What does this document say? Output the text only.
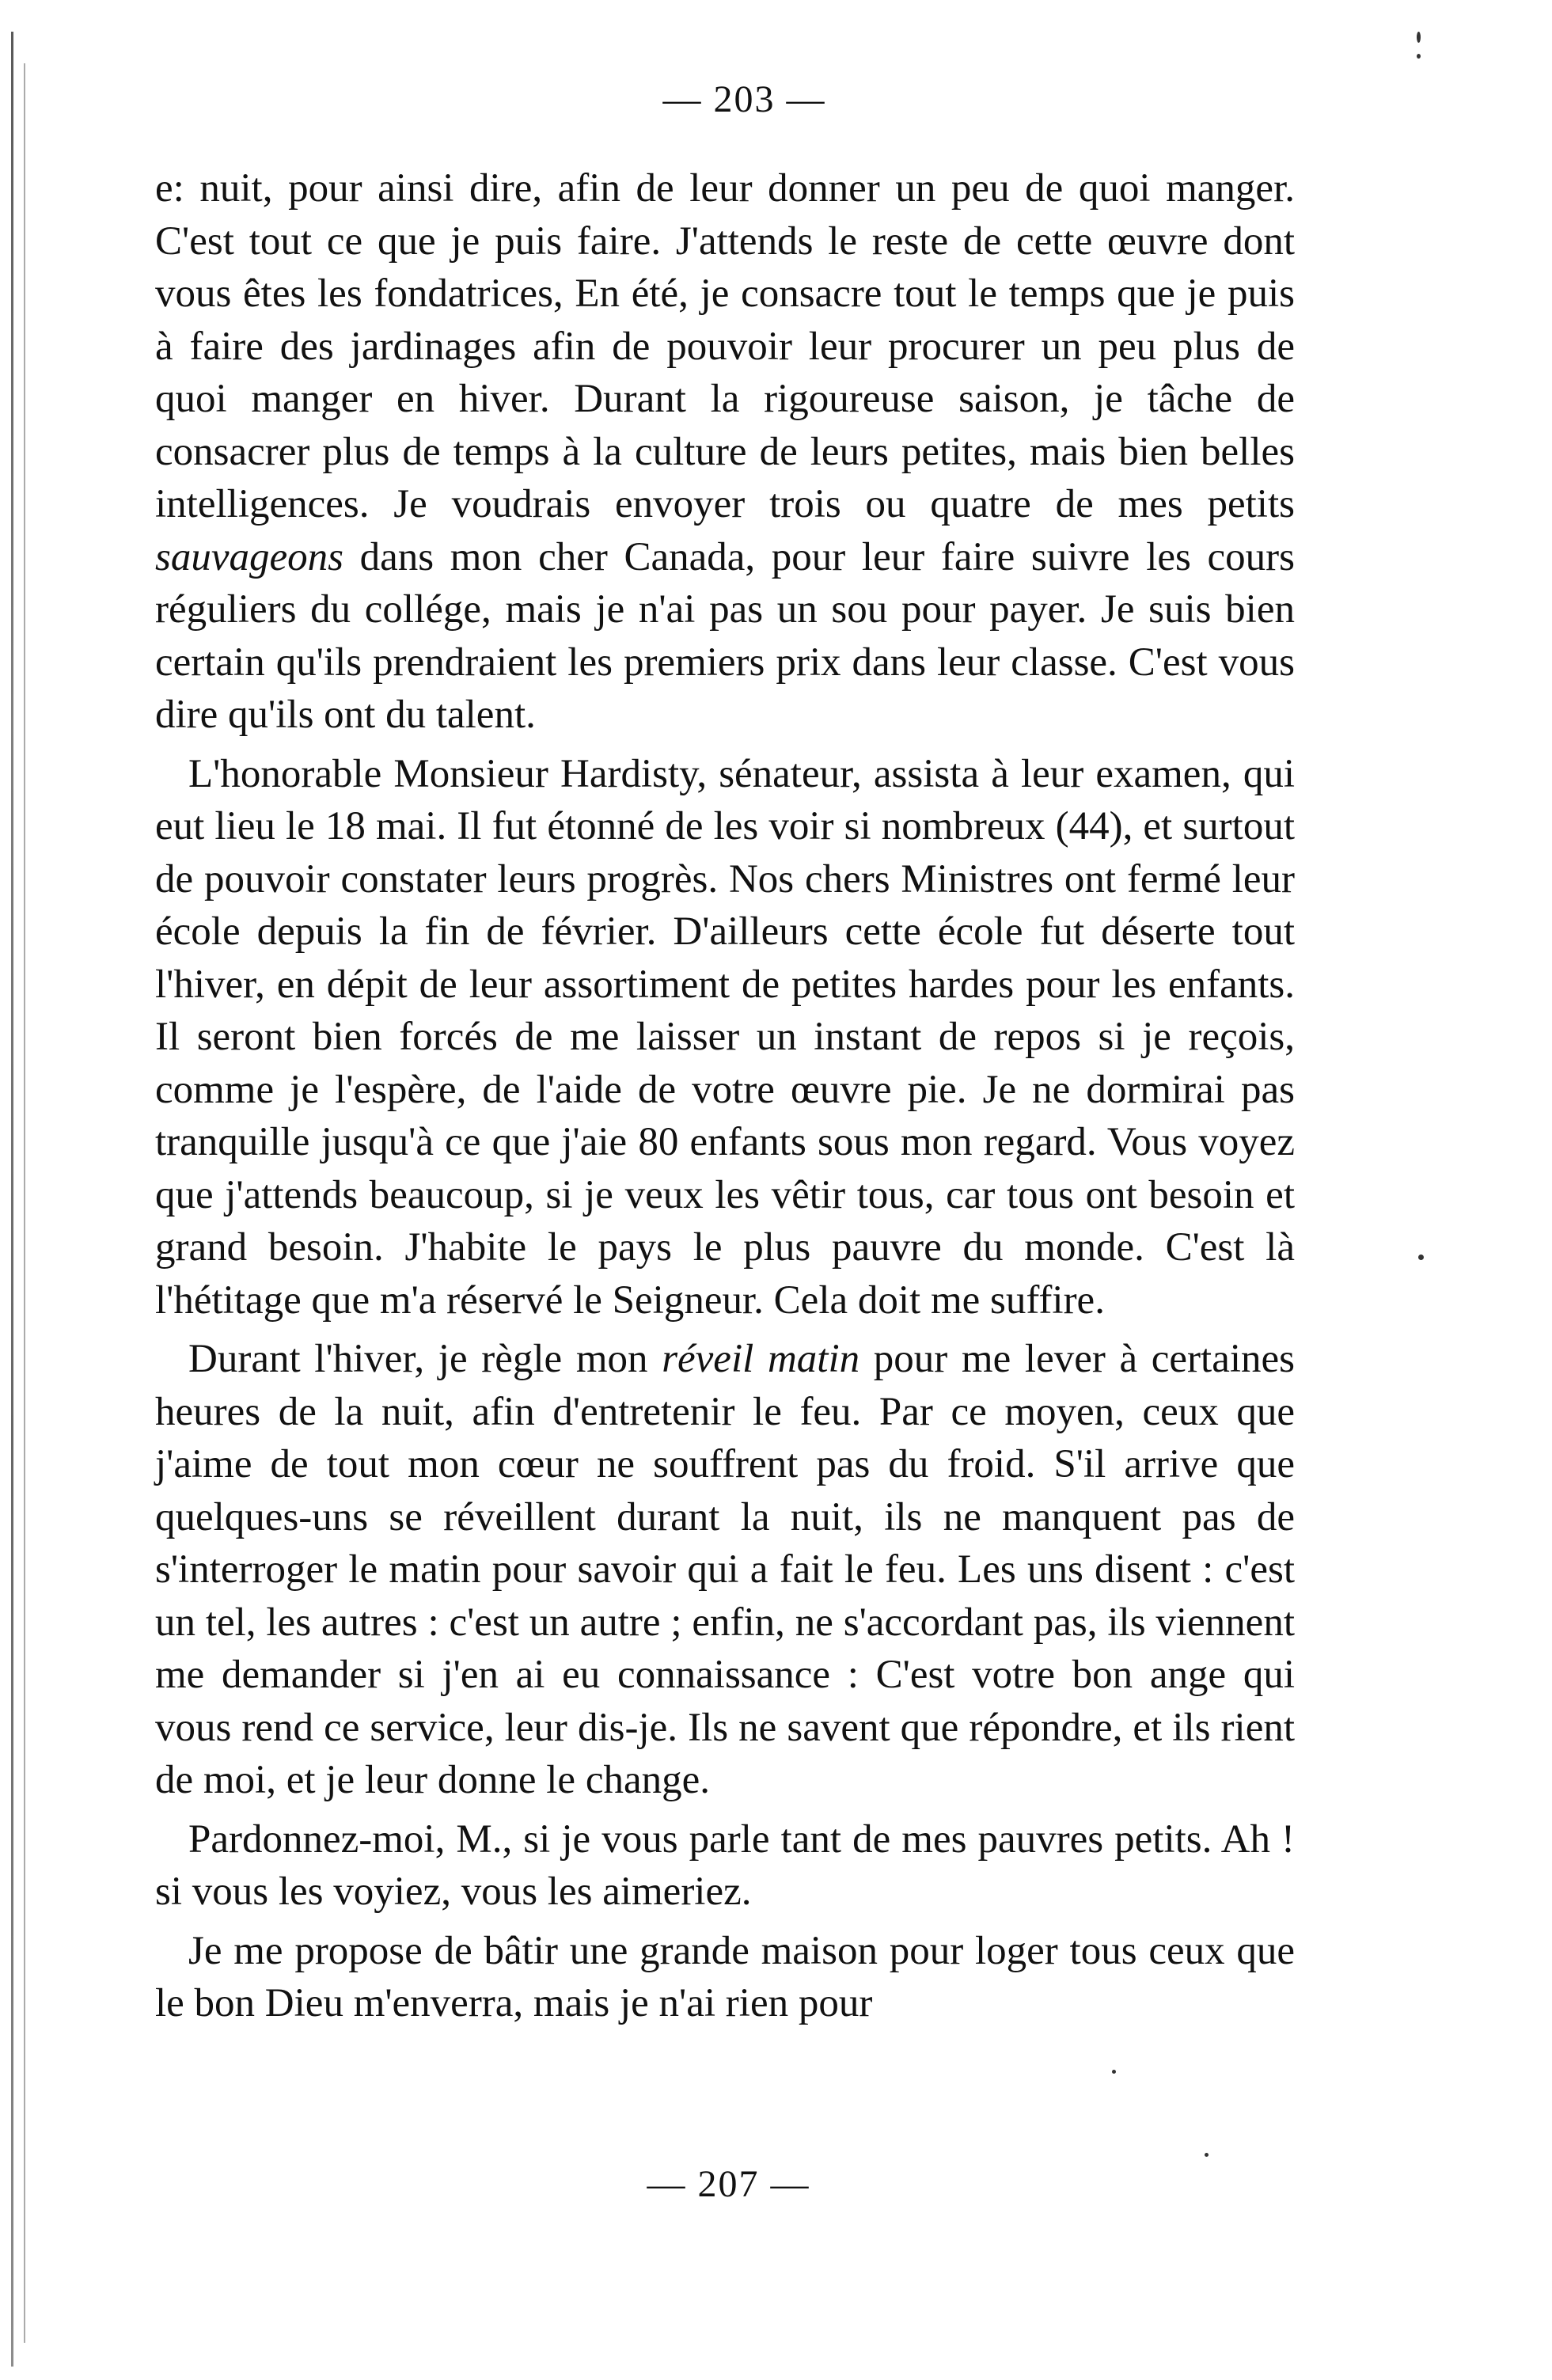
— 203 —

e: nuit, pour ainsi dire, afin de leur donner un peu de quoi manger. C'est tout ce que je puis faire. J'attends le reste de cette œuvre dont vous êtes les fondatrices, En été, je consacre tout le temps que je puis à faire des jardinages afin de pouvoir leur procurer un peu plus de quoi manger en hiver. Durant la rigoureuse saison, je tâche de consacrer plus de temps à la culture de leurs petites, mais bien belles intelligences. Je voudrais envoyer trois ou quatre de mes petits sauvageons dans mon cher Canada, pour leur faire suivre les cours réguliers du collége, mais je n'ai pas un sou pour payer. Je suis bien certain qu'ils prendraient les premiers prix dans leur classe. C'est vous dire qu'ils ont du talent.

L'honorable Monsieur Hardisty, sénateur, assista à leur examen, qui eut lieu le 18 mai. Il fut étonné de les voir si nombreux (44), et surtout de pouvoir constater leurs progrès. Nos chers Ministres ont fermé leur école depuis la fin de février. D'ailleurs cette école fut déserte tout l'hiver, en dépit de leur assortiment de petites hardes pour les enfants. Il seront bien forcés de me laisser un instant de repos si je reçois, comme je l'espère, de l'aide de votre œuvre pie. Je ne dormirai pas tranquille jusqu'à ce que j'aie 80 enfants sous mon regard. Vous voyez que j'attends beaucoup, si je veux les vêtir tous, car tous ont besoin et grand besoin. J'habite le pays le plus pauvre du monde. C'est là l'hétitage que m'a réservé le Seigneur. Cela doit me suffire.

Durant l'hiver, je règle mon réveil matin pour me lever à certaines heures de la nuit, afin d'entretenir le feu. Par ce moyen, ceux que j'aime de tout mon cœur ne souffrent pas du froid. S'il arrive que quelques-uns se réveillent durant la nuit, ils ne manquent pas de s'interroger le matin pour savoir qui a fait le feu. Les uns disent : c'est un tel, les autres : c'est un autre ; enfin, ne s'accordant pas, ils viennent me demander si j'en ai eu connaissance : C'est votre bon ange qui vous rend ce service, leur dis-je. Ils ne savent que répondre, et ils rient de moi, et je leur donne le change.

Pardonnez-moi, M., si je vous parle tant de mes pauvres petits. Ah ! si vous les voyiez, vous les aimeriez.

Je me propose de bâtir une grande maison pour loger tous ceux que le bon Dieu m'enverra, mais je n'ai rien pour

— 207 —
